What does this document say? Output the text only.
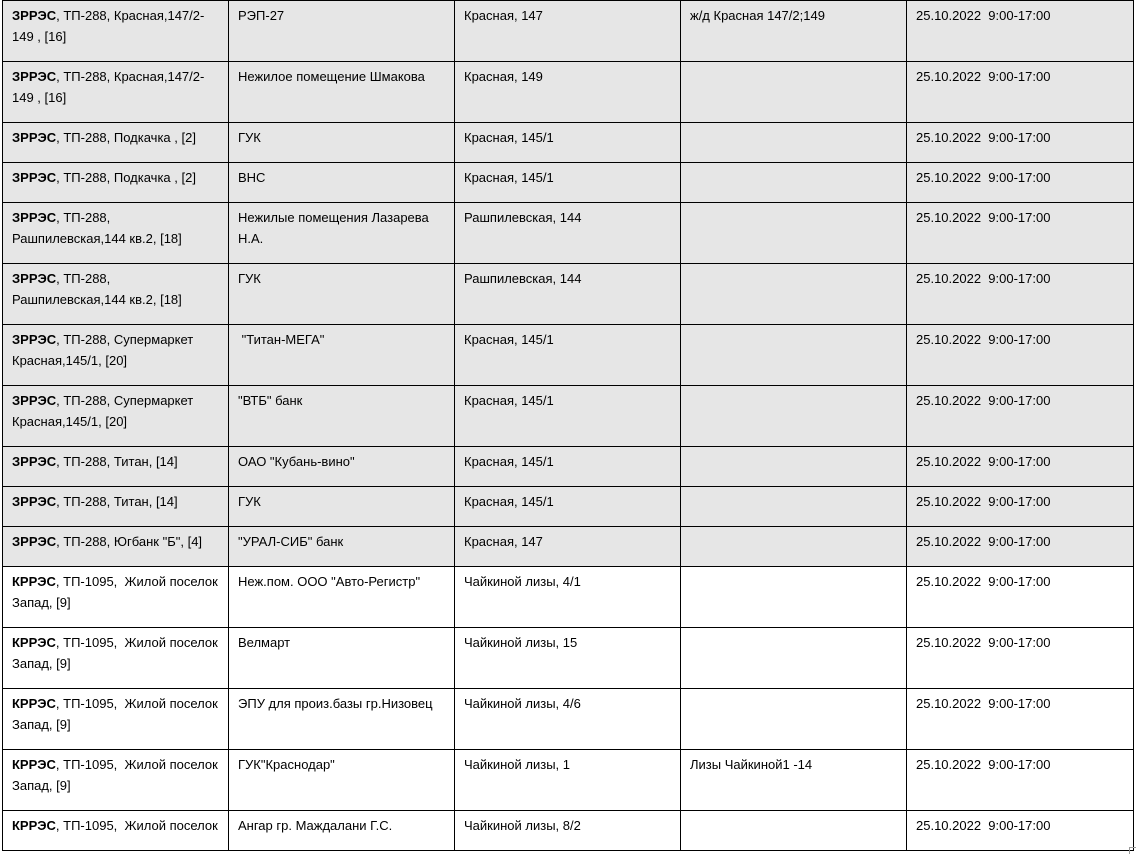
ЗРРЭС, ТП-288, Красная,147/2-149 , [16]	РЭП-27	Красная, 147	ж/д Красная 147/2;149	25.10.2022  9:00-17:00
ЗРРЭС, ТП-288, Красная,147/2-149 , [16]	Нежилое помещение Шмакова	Красная, 149		25.10.2022  9:00-17:00
ЗРРЭС, ТП-288, Подкачка , [2]	ГУК	Красная, 145/1		25.10.2022  9:00-17:00
ЗРРЭС, ТП-288, Подкачка , [2]	ВНС	Красная, 145/1		25.10.2022  9:00-17:00
ЗРРЭС, ТП-288, Рашпилевская,144 кв.2, [18]	Нежилые помещения Лазарева Н.А.	Рашпилевская, 144		25.10.2022  9:00-17:00
ЗРРЭС, ТП-288, Рашпилевская,144 кв.2, [18]	ГУК	Рашпилевская, 144		25.10.2022  9:00-17:00
ЗРРЭС, ТП-288, Супермаркет Красная,145/1, [20]	"Титан-МЕГА"	Красная, 145/1		25.10.2022  9:00-17:00
ЗРРЭС, ТП-288, Супермаркет Красная,145/1, [20]	"ВТБ" банк	Красная, 145/1		25.10.2022  9:00-17:00
ЗРРЭС, ТП-288, Титан, [14]	ОАО "Кубань-вино"	Красная, 145/1		25.10.2022  9:00-17:00
ЗРРЭС, ТП-288, Титан, [14]	ГУК	Красная, 145/1		25.10.2022  9:00-17:00
ЗРРЭС, ТП-288, Югбанк "Б", [4]	"УРАЛ-СИБ" банк	Красная, 147		25.10.2022  9:00-17:00
КРРЭС, ТП-1095,  Жилой поселок Запад, [9]	Неж.пом. ООО "Авто-Регистр"	Чайкиной лизы, 4/1		25.10.2022  9:00-17:00
КРРЭС, ТП-1095,  Жилой поселок Запад, [9]	Велмарт	Чайкиной лизы, 15		25.10.2022  9:00-17:00
КРРЭС, ТП-1095,  Жилой поселок Запад, [9]	ЭПУ для произ.базы гр.Низовец	Чайкиной лизы, 4/6		25.10.2022  9:00-17:00
КРРЭС, ТП-1095,  Жилой поселок Запад, [9]	ГУК"Краснодар"	Чайкиной лизы, 1	Лизы Чайкиной1 -14	25.10.2022  9:00-17:00
КРРЭС, ТП-1095,  Жилой поселок	Ангар гр. Маждалани Г.С.	Чайкиной лизы, 8/2		25.10.2022  9:00-17:00
